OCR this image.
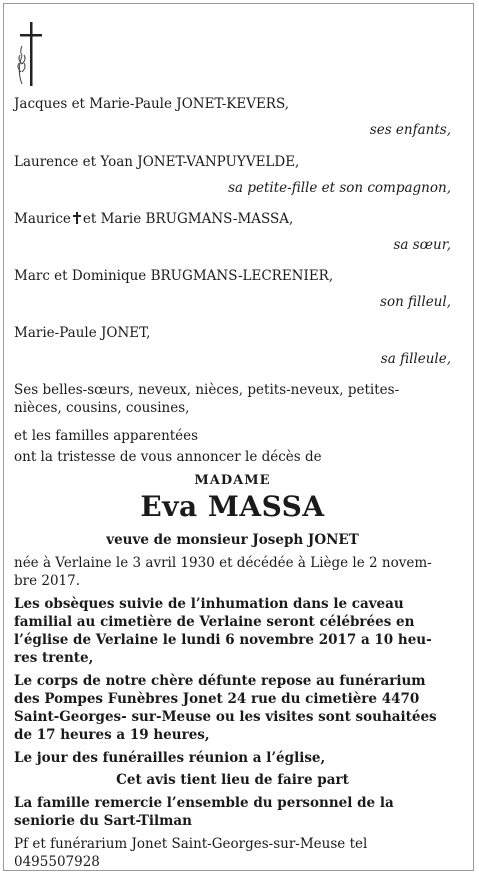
Jacques et Marie-Paule JONET-KEVERS,
ses enfants,
Laurence et Yoan JONET-VANPUYVELDE,
sa petite-fille et son compagnon,
Maurice et Marie BRUGMANS-MASSA,
sa sœur,
Marc et Dominique BRUGMANS-LECRENIER,
son filleul,
Marie-Paule JONET,
sa filleule,
Ses belles-sœurs, neveux, nièces, petits-neveux, petites-
nièces, cousins, cousines,
et les familles apparentées
ont la tristesse de vous annoncer le décès de
MADAME
Eva MASSA
veuve de monsieur Joseph JONET
née à Verlaine le 3 avril 1930 et décédée à Liège le 2 novem-
bre 2017.
Les obsèques suivie de l’inhumation dans le caveau
familial au cimetière de Verlaine seront célébrées en
l’église de Verlaine le lundi 6 novembre 2017 a 10 heu-
res trente,
Le corps de notre chère défunte repose au funérarium
des Pompes Funèbres Jonet 24 rue du cimetière 4470
Saint-Georges- sur-Meuse ou les visites sont souhaitées
de 17 heures a 19 heures,
Le jour des funérailles réunion a l’église,
Cet avis tient lieu de faire part
La famille remercie l’ensemble du personnel de la
seniorie du Sart-Tilman
Pf et funérarium Jonet Saint-Georges-sur-Meuse tel
0495507928
